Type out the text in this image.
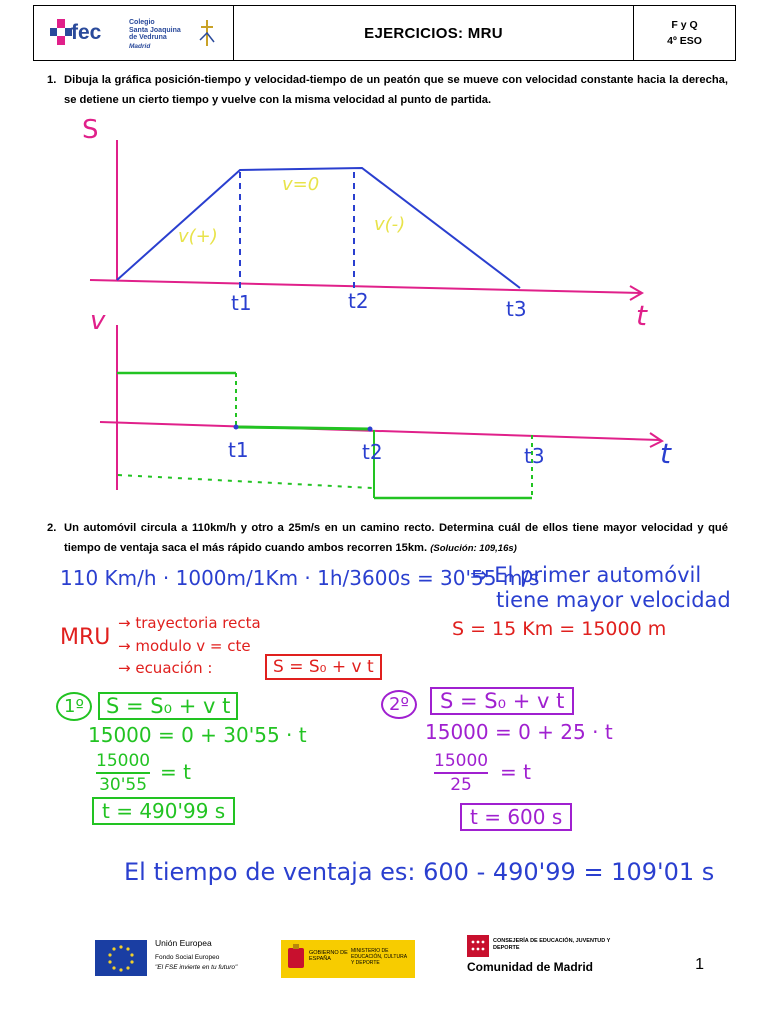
fec	Colegio
Santa Joaquina
de Vedruna
Madrid
EJERCICIOS: MRU	F y Q
4º ESO
1. Dibuja la gráfica posición-tiempo y velocidad-tiempo de un peatón que se mueve con velocidad constante hacia la derecha, se detiene un cierto tiempo y vuelve con la misma velocidad al punto de partida.
S
t
t1	t2	t3
v(+)
v=0
v(-)
v
t
t1	t2	t3
2. Un automóvil circula a 110km/h y otro a 25m/s en un camino recto. Determina cuál de ellos tiene mayor velocidad y qué tiempo de ventaja saca el más rápido cuando ambos recorren 15km. (Solución: 109,16s)
110 Km/h · 1000m/1Km · 1h/3600s = 30'55 m/s
⇒ El primer automóvil
tiene mayor velocidad
MRU
→ trayectoria recta
→ modulo v = cte
→ ecuación :	S = S₀ + v t
S = 15 Km = 15000 m
1º	S = S₀ + v t
15000 = 0 + 30'55 · t
15000
30'55
= t
t = 490'99 s
2º	S = S₀ + v t
15000 = 0 + 25 · t
15000
25
= t
t = 600 s
El tiempo de ventaja es: 600 - 490'99 = 109'01 s
Unión Europea
Fondo Social Europeo
"El FSE invierte en tu futuro"
GOBIERNO DE ESPAÑA
MINISTERIO DE EDUCACIÓN, CULTURA Y DEPORTE
CONSEJERÍA DE EDUCACIÓN, JUVENTUD Y DEPORTE
Comunidad de Madrid	1
